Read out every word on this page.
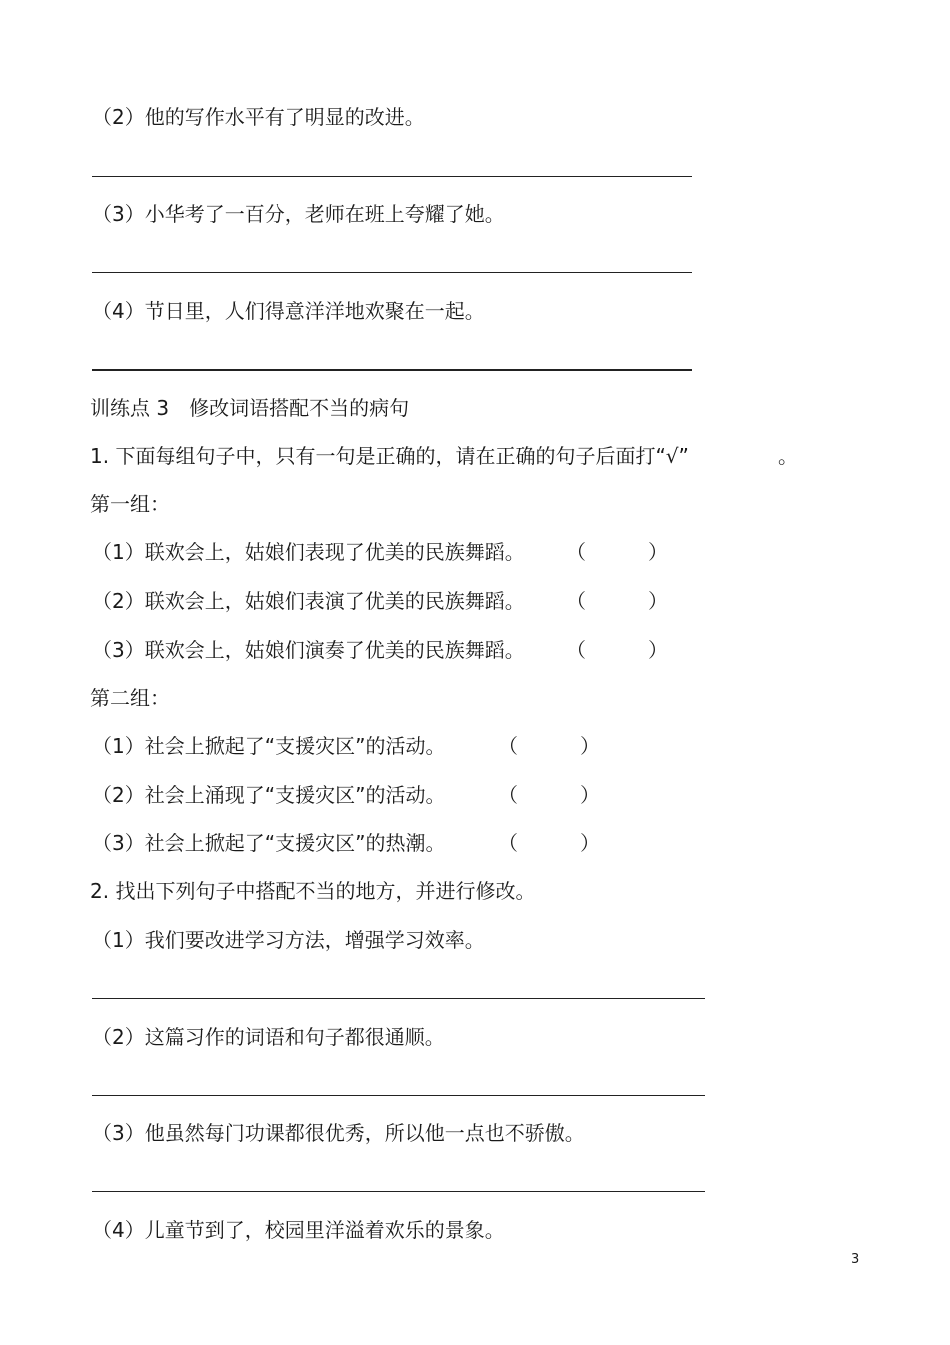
（2）他的写作水平有了明显的改进。
（3）小华考了一百分，老师在班上夸耀了她。
（4）节日里，人们得意洋洋地欢聚在一起。
训练点 3　修改词语搭配不当的病句
1. 下面每组句子中，只有一句是正确的，请在正确的句子后面打“√”	。
第一组：
（1）联欢会上，姑娘们表现了优美的民族舞蹈。 （	）
（2）联欢会上，姑娘们表演了优美的民族舞蹈。 （	）
（3）联欢会上，姑娘们演奏了优美的民族舞蹈。 （	）
第二组：
（1）社会上掀起了“支援灾区”的活动。	（	）
（2）社会上涌现了“支援灾区”的活动。	（	）
（3）社会上掀起了“支援灾区”的热潮。	（	）
2. 找出下列句子中搭配不当的地方，并进行修改。
（1）我们要改进学习方法，增强学习效率。
（2）这篇习作的词语和句子都很通顺。
（3）他虽然每门功课都很优秀，所以他一点也不骄傲。
（4）儿童节到了，校园里洋溢着欢乐的景象。
3
